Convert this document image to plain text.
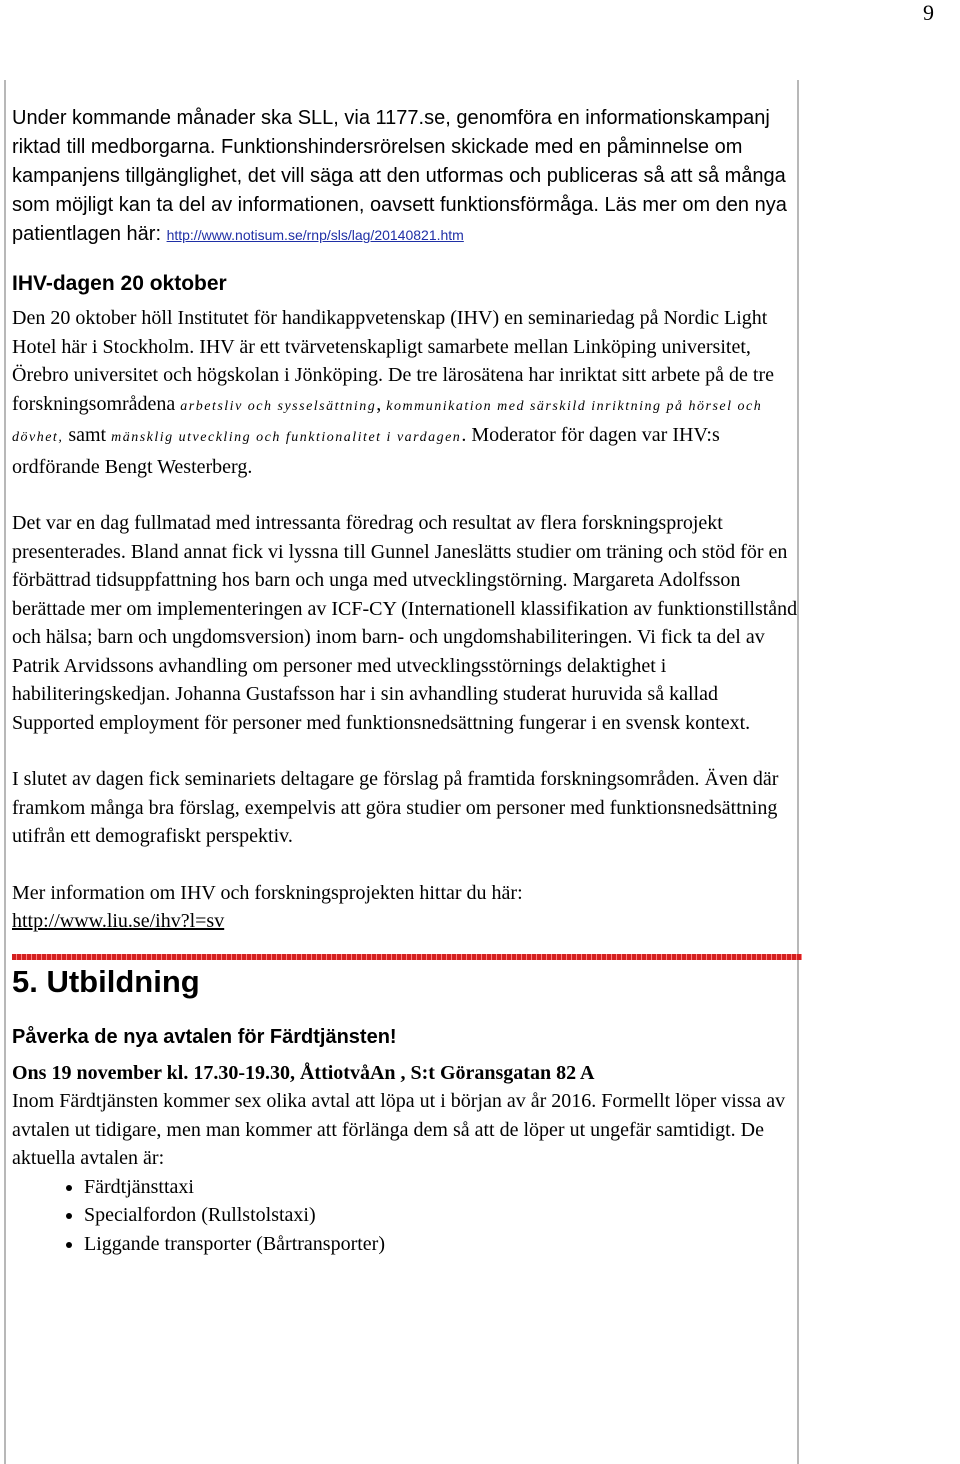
9

Under kommande månader ska SLL, via 1177.se, genomföra en informationskampanj riktad till medborgarna. Funktionshindersrörelsen skickade med en påminnelse om kampanjens tillgänglighet, det vill säga att den utformas och publiceras så att så många som möjligt kan ta del av informationen, oavsett funktionsförmåga. Läs mer om den nya patientlagen här: http://www.notisum.se/rnp/sls/lag/20140821.htm

IHV-dagen 20 oktober

Den 20 oktober höll Institutet för handikappvetenskap (IHV) en seminariedag på Nordic Light Hotel här i Stockholm. IHV är ett tvärvetenskapligt samarbete mellan Linköping universitet, Örebro universitet och högskolan i Jönköping. De tre lärosätena har inriktat sitt arbete på de tre forskningsområdena arbetsliv och sysselsättning, kommunikation med särskild inriktning på hörsel och dövhet, samt mänsklig utveckling och funktionalitet i vardagen. Moderator för dagen var IHV:s ordförande Bengt Westerberg.

Det var en dag fullmatad med intressanta föredrag och resultat av flera forskningsprojekt presenterades. Bland annat fick vi lyssna till Gunnel Janeslätts studier om träning och stöd för en förbättrad tidsuppfattning hos barn och unga med utvecklingstörning. Margareta Adolfsson berättade mer om implementeringen av ICF-CY (Internationell klassifikation av funktionstillstånd och hälsa; barn och ungdomsversion) inom barn- och ungdomshabiliteringen. Vi fick ta del av Patrik Arvidssons avhandling om personer med utvecklingsstörnings delaktighet i habiliteringskedjan. Johanna Gustafsson har i sin avhandling studerat huruvida så kallad Supported employment för personer med funktionsnedsättning fungerar i en svensk kontext.

I slutet av dagen fick seminariets deltagare ge förslag på framtida forskningsområden. Även där framkom många bra förslag, exempelvis att göra studier om personer med funktionsnedsättning utifrån ett demografiskt perspektiv.

Mer information om IHV och forskningsprojekten hittar du här:
http://www.liu.se/ihv?l=sv

5. Utbildning
Påverka de nya avtalen för Färdtjänsten!

Ons 19 november kl. 17.30-19.30, ÅttiotvåAn , S:t Göransgatan 82 A

Inom Färdtjänsten kommer sex olika avtal att löpa ut i början av år 2016. Formellt löper vissa av avtalen ut tidigare, men man kommer att förlänga dem så att de löper ut ungefär samtidigt. De aktuella avtalen är:

• Färdtjänsttaxi
• Specialfordon (Rullstolstaxi)
• Liggande transporter (Bårtransporter)
